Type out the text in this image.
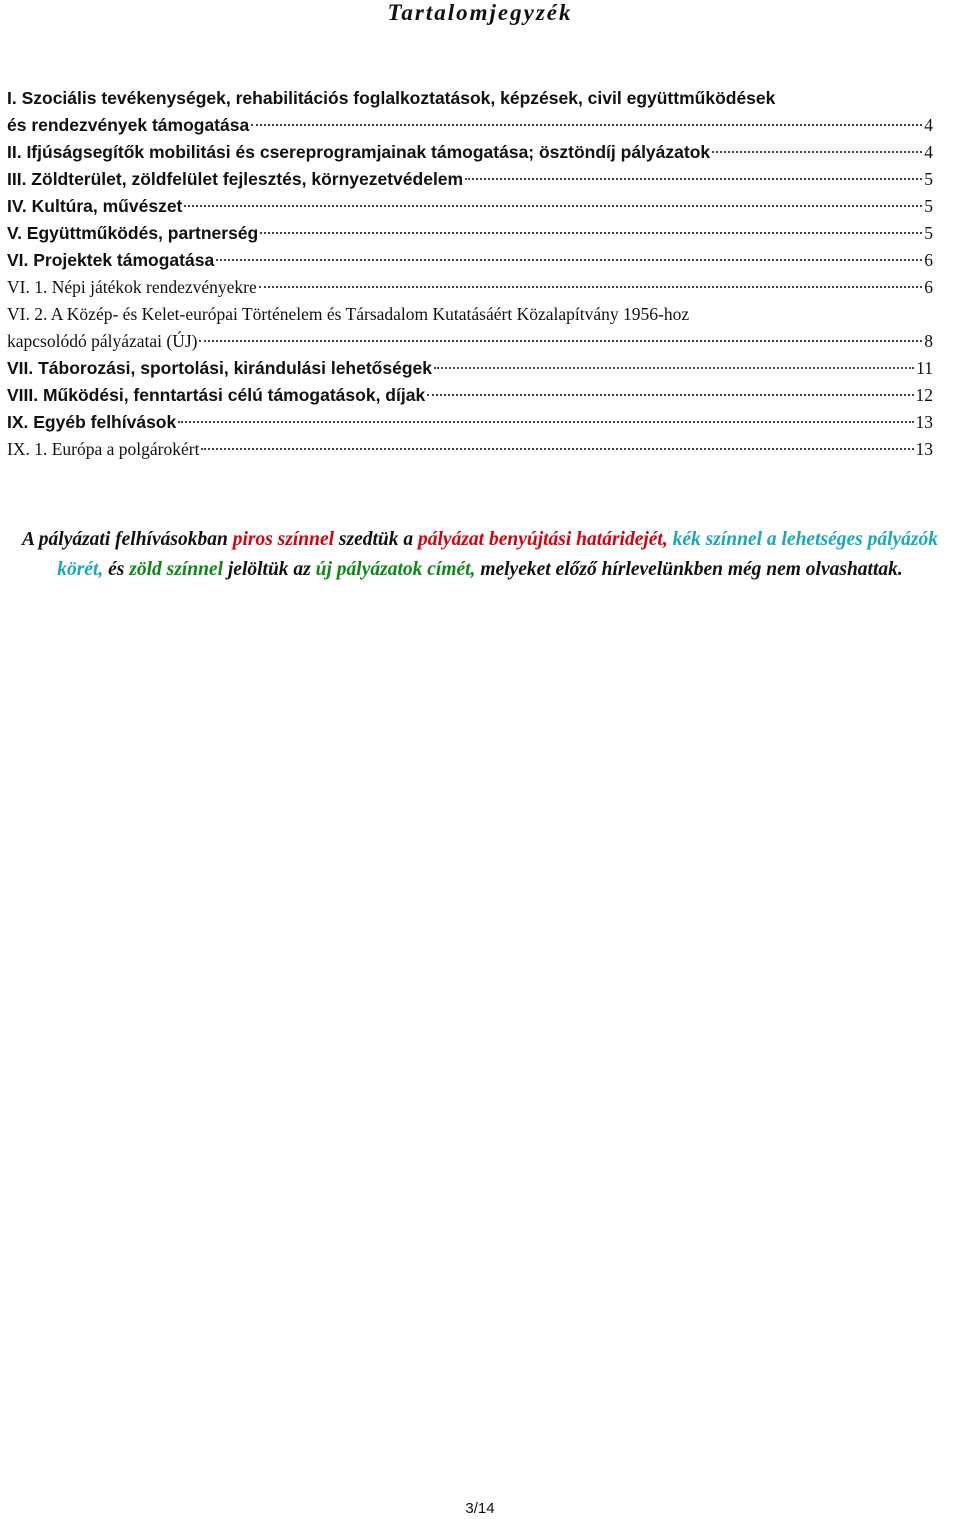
Tartalomjegyzék
I. Szociális tevékenységek, rehabilitációs foglalkoztatások, képzések, civil együttműködések
és rendezvények támogatása	4
II. Ifjúságsegítők mobilitási és csereprogramjainak támogatása; ösztöndíj pályázatok	4
III. Zöldterület, zöldfelület fejlesztés, környezetvédelem	5
IV. Kultúra, művészet	5
V. Együttműködés, partnerség	5
VI. Projektek támogatása	6
VI. 1. Népi játékok rendezvényekre	6
VI. 2. A Közép- és Kelet-európai Történelem és Társadalom Kutatásáért Közalapítvány 1956-hoz
kapcsolódó pályázatai (ÚJ)	8
VII. Táborozási, sportolási, kirándulási lehetőségek	11
VIII. Működési, fenntartási célú támogatások, díjak	12
IX. Egyéb felhívások	13
IX. 1. Európa a polgárokért	13

A pályázati felhívásokban piros színnel szedtük a pályázat benyújtási határidejét, kék színnel a lehetséges pályázók körét, és zöld színnel jelöltük az új pályázatok címét, melyeket előző hírlevelünkben még nem olvashattak.

3/14
